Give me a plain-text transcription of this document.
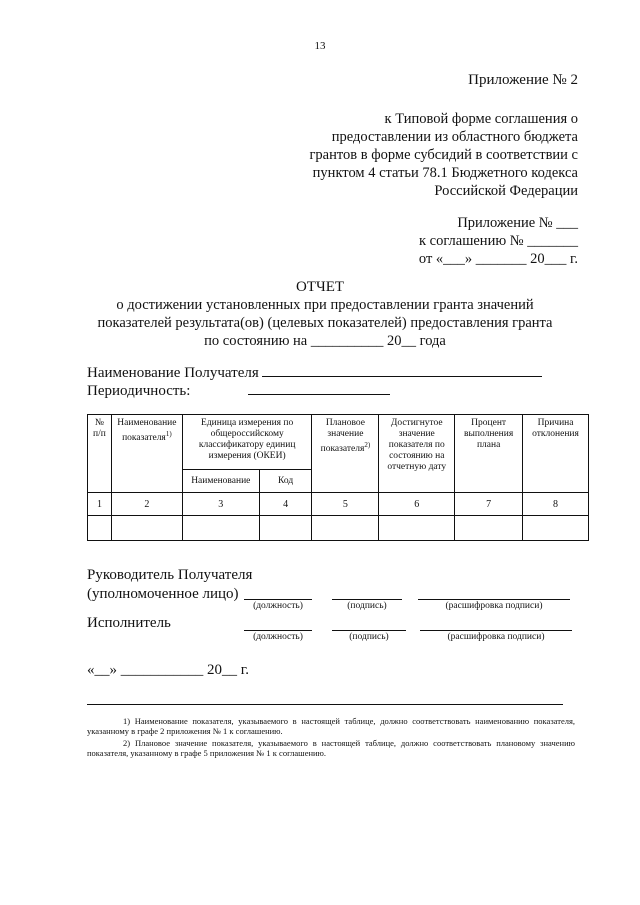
13
Приложение № 2
к Типовой форме соглашения о
предоставлении из областного бюджета
грантов в форме субсидий в соответствии с
пунктом 4 статьи 78.1 Бюджетного кодекса
Российской Федерации
Приложение № ___
к соглашению № _______
от «___» _______ 20___ г.
ОТЧЕТ
о достижении установленных при предоставлении гранта значений
показателей результата(ов) (целевых показателей) предоставления гранта
по состоянию на __________ 20__ года
Наименование Получателя
Периодичность:
№ п/п	Наименование показателя$^{1)}$	Единица измерения по общероссийскому классификатору единиц измерения (ОКЕИ)		Плановое значение показателя$^{2)}$	Достигнутое значение показателя по состоянию на отчетную дату	Процент выполнения плана	Причина отклонения
		Наименование	Код				
1	2	3	4	5	6	7	8

Руководитель Получателя
(уполномоченное лицо)
(должность)	(подпись)	(расшифровка подписи)
Исполнитель
(должность)	(подпись)	(расшифровка подписи)
«__» ___________ 20__ г.
1) Наименование показателя, указываемого в настоящей таблице, должно соответствовать наименованию показателя, указанному в графе 2 приложения № 1 к соглашению.
2) Плановое значение показателя, указываемого в настоящей таблице, должно соответствовать плановому значению показателя, указанному в графе 5 приложения № 1 к соглашению.
